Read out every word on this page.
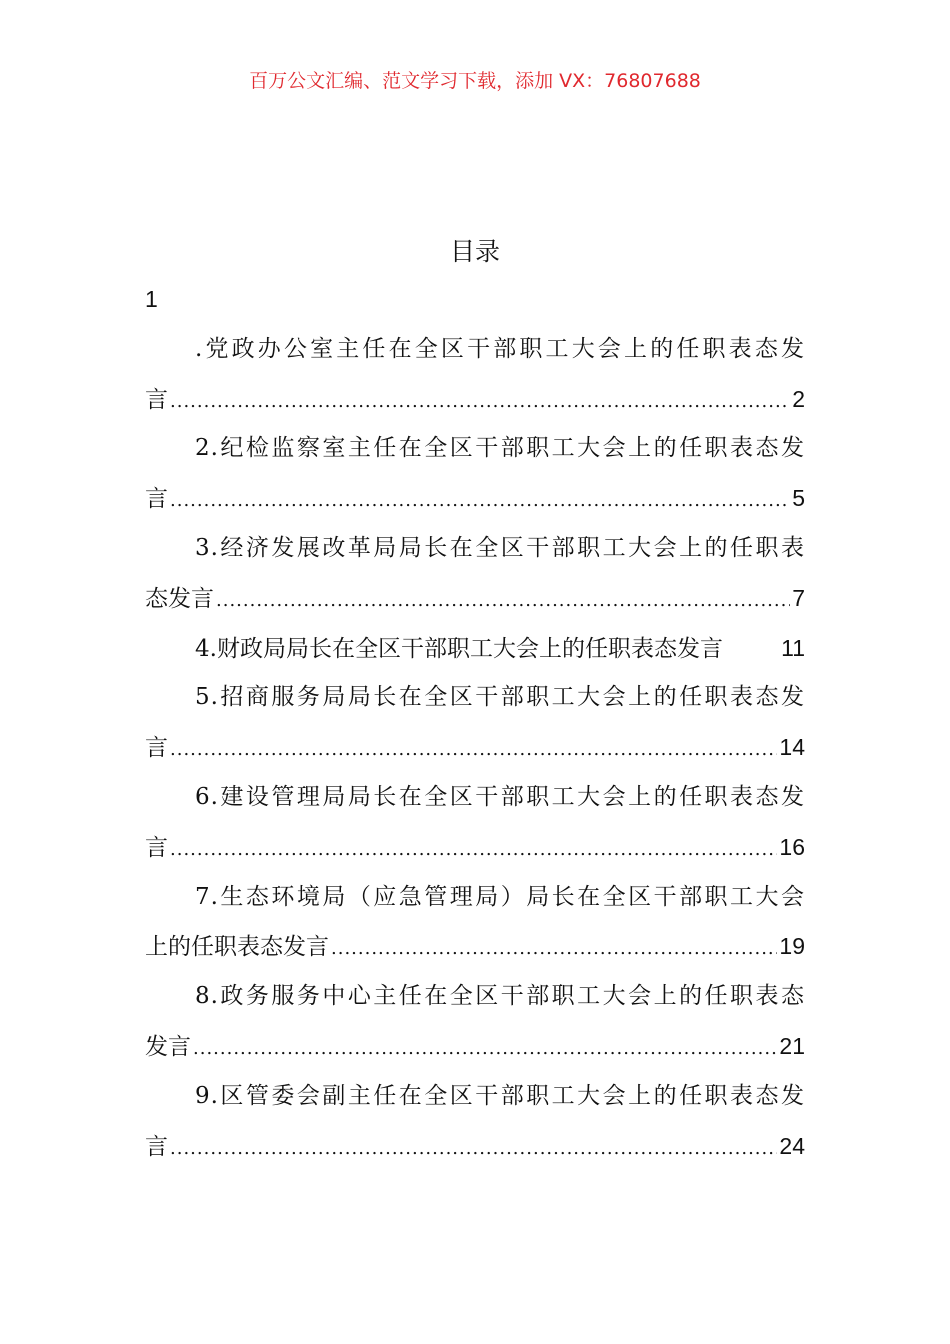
百万公文汇编、范文学习下载，添加 VX：76807688
目录
1
.党政办公室主任在全区干部职工大会上的任职表态发
言 .....	2
2.纪检监察室主任在全区干部职工大会上的任职表态发
言 .....	5
3.经济发展改革局局长在全区干部职工大会上的任职表
态发言 .....	7
4.财政局局长在全区干部职工大会上的任职表态发言	11
5.招商服务局局长在全区干部职工大会上的任职表态发
言 .....	14
6.建设管理局局长在全区干部职工大会上的任职表态发
言 .....	16
7.生态环境局（应急管理局）局长在全区干部职工大会
上的任职表态发言 .....	19
8.政务服务中心主任在全区干部职工大会上的任职表态
发言 .....	21
9.区管委会副主任在全区干部职工大会上的任职表态发
言 .....	24
